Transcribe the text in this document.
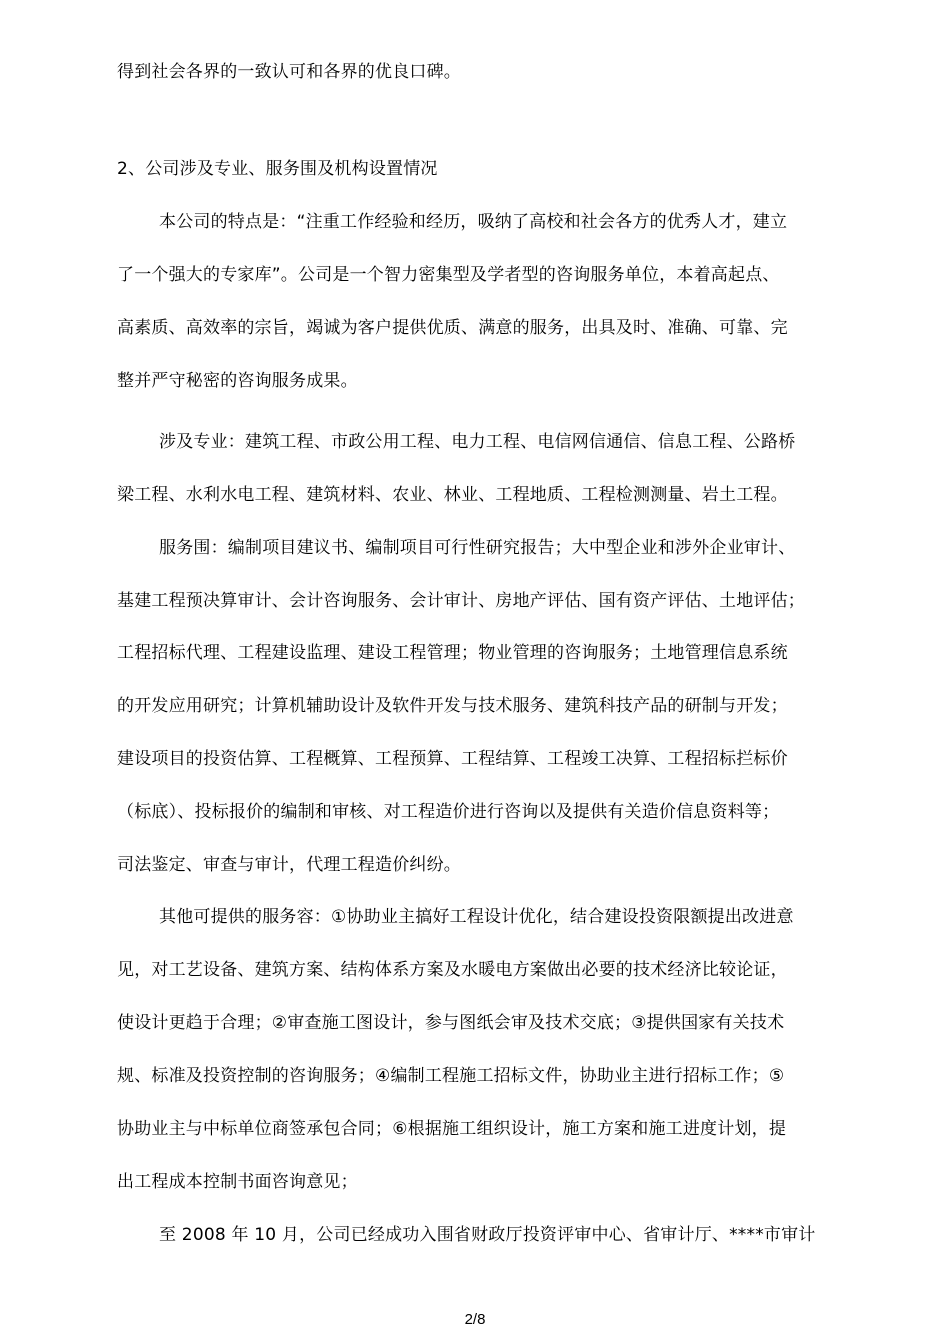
得到社会各界的一致认可和各界的优良口碑。
2、公司涉及专业、服务围及机构设置情况
本公司的特点是：“注重工作经验和经历，吸纳了高校和社会各方的优秀人才，建立
了一个强大的专家库”。公司是一个智力密集型及学者型的咨询服务单位，本着高起点、
高素质、高效率的宗旨，竭诚为客户提供优质、满意的服务，出具及时、准确、可靠、完
整并严守秘密的咨询服务成果。
涉及专业：建筑工程、市政公用工程、电力工程、电信网信通信、信息工程、公路桥
梁工程、水利水电工程、建筑材料、农业、林业、工程地质、工程检测测量、岩土工程。
服务围：编制项目建议书、编制项目可行性研究报告；大中型企业和涉外企业审计、
基建工程预决算审计、会计咨询服务、会计审计、房地产评估、国有资产评估、土地评估；
工程招标代理、工程建设监理、建设工程管理；物业管理的咨询服务；土地管理信息系统
的开发应用研究；计算机辅助设计及软件开发与技术服务、建筑科技产品的研制与开发；
建设项目的投资估算、工程概算、工程预算、工程结算、工程竣工决算、工程招标拦标价
（标底）、投标报价的编制和审核、对工程造价进行咨询以及提供有关造价信息资料等；
司法鉴定、审查与审计，代理工程造价纠纷。
其他可提供的服务容：①协助业主搞好工程设计优化，结合建设投资限额提出改进意
见，对工艺设备、建筑方案、结构体系方案及水暖电方案做出必要的技术经济比较论证，
使设计更趋于合理；②审查施工图设计，参与图纸会审及技术交底；③提供国家有关技术
规、标准及投资控制的咨询服务；④编制工程施工招标文件，协助业主进行招标工作；⑤
协助业主与中标单位商签承包合同；⑥根据施工组织设计，施工方案和施工进度计划，提
出工程成本控制书面咨询意见；
至 2008 年 10 月，公司已经成功入围省财政厅投资评审中心、省审计厅、****市审计
2/8
